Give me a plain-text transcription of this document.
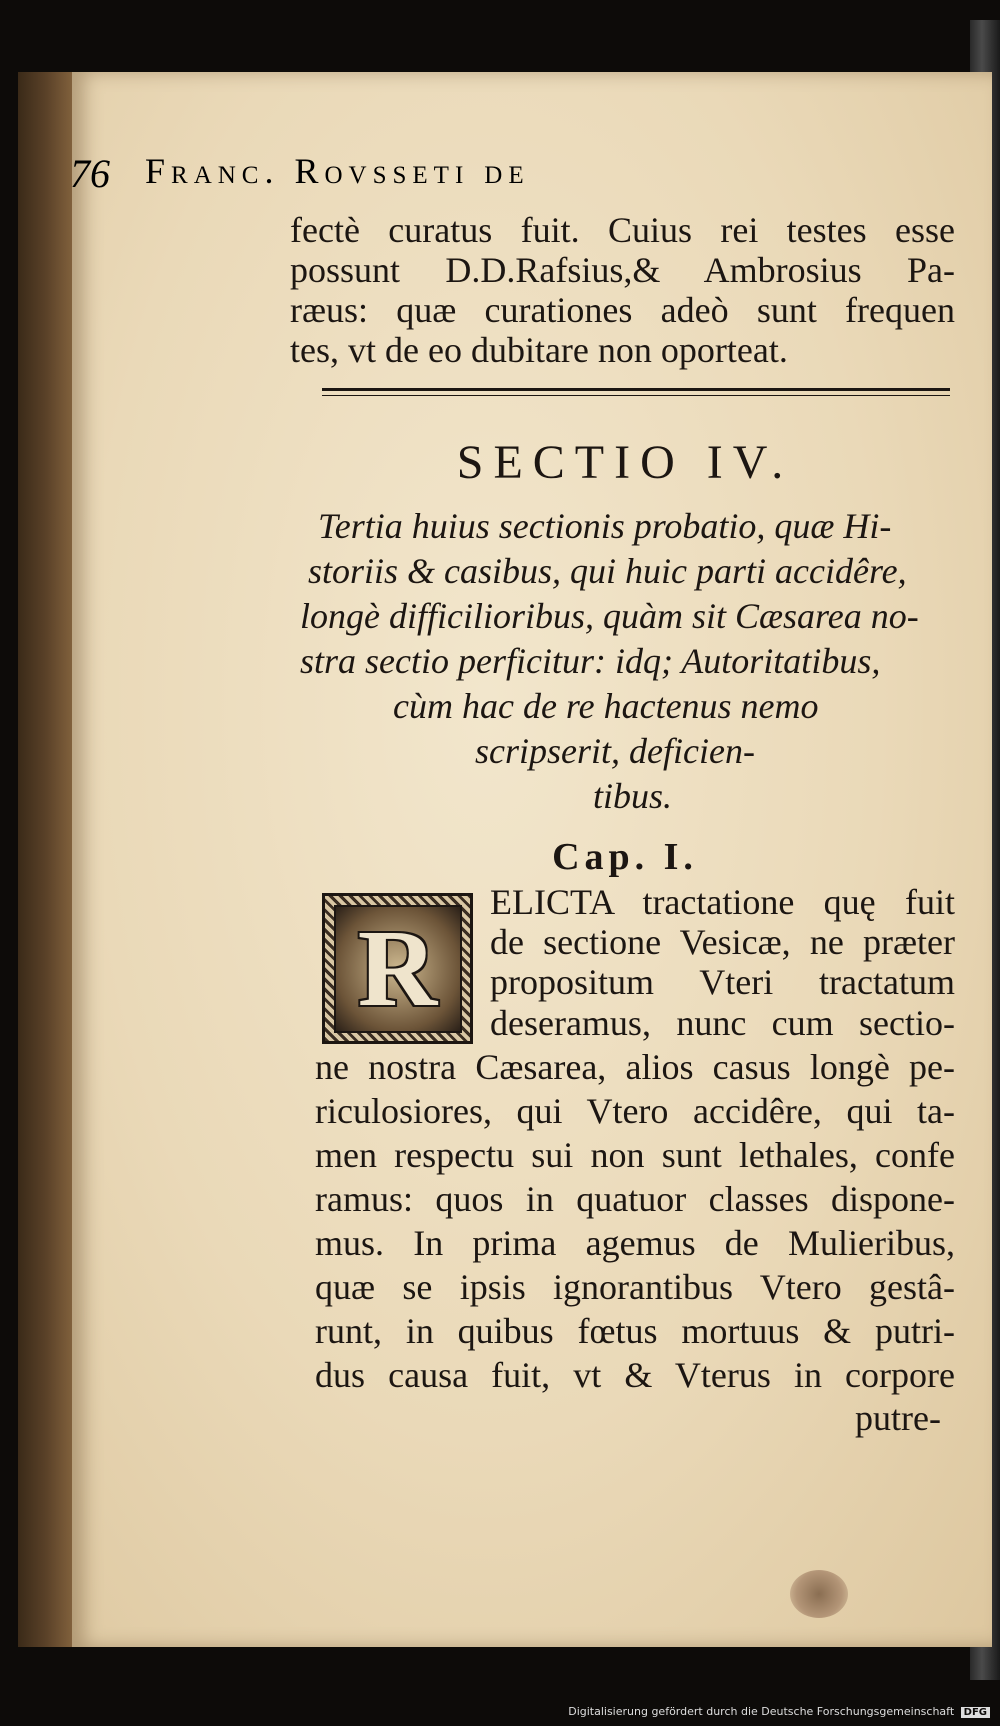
76 Franc. Rovsseti de
fectè curatus fuit. Cuius rei testes esse
possunt D.D.Rafsius,& Ambrosius Pa-
ræus: quæ curationes adeò sunt frequen
tes, vt de eo dubitare non oporteat.
SECTIO IV.
Tertia huius sectionis probatio, quæ Hi-
storiis & casibus, qui huic parti accidêre,
longè difficilioribus, quàm sit Cæsarea no-
stra sectio perficitur: idq; Autoritatibus,
cùm hac de re hactenus nemo
scripserit, deficien-
tibus.
Cap. I.
R
ELICTA tractatione quę fuit
de sectione Vesicæ, ne præter
propositum Vteri tractatum
deseramus, nunc cum sectio-
ne nostra Cæsarea, alios casus longè pe-
riculosiores, qui Vtero accidêre, qui ta-
men respectu sui non sunt lethales, confe
ramus: quos in quatuor classes dispone-
mus. In prima agemus de Mulieribus,
quæ se ipsis ignorantibus Vtero gestâ-
runt, in quibus fœtus mortuus & putri-
dus causa fuit, vt & Vterus in corpore
putre-
Digitalisierung gefördert durch die Deutsche Forschungsgemeinschaft DFG
